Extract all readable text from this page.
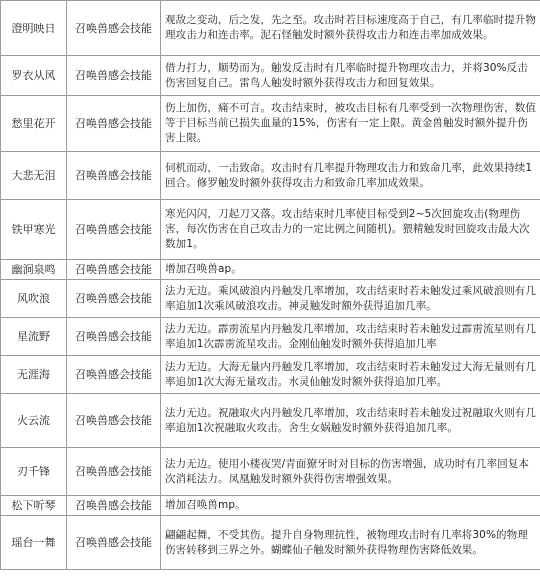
澄明映日	召唤兽感会技能	观敌之变动，后之发，先之至。攻击时若目标速度高于自己，有几率临时提升物理攻击力和连击率。泥石怪触发时额外获得攻击力和连击率加成效果。
罗衣从风	召唤兽感会技能	借力打力，顺势而为。触发反击时有几率临时提升物理攻击力，并将30%反击伤害回复自己。雷鸟人触发时额外获得攻击力和回复效果。
愁里花开	召唤兽感会技能	伤上加伤，痛不可言。攻击结束时，被攻击目标有几率受到一次物理伤害，数值等于目标当前已损失血量的15%，伤害有一定上限。黄金兽触发时额外提升伤害上限。
大悲无泪	召唤兽感会技能	伺机而动，一击致命。攻击时有几率提升物理攻击力和致命几率，此效果持续1回合。修罗触发时额外获得攻击力和致命几率加成效果。
铁甲寒光	召唤兽感会技能	寒光闪闪，刀起刀又落。攻击结束时几率使目标受到2~5次回旋攻击(物理伤害，每次伤害在自己攻击力的一定比例之间随机)。猥精触发时回旋攻击最大次数加1。
幽涧泉鸣	召唤兽感会技能	增加召唤兽ap。
风吹浪	召唤兽感会技能	法力无边。乘风破浪内丹触发几率增加，攻击结束时若未触发过乘风破浪则有几率追加1次乘风破浪攻击。神灵触发时额外获得追加几率。
星流野	召唤兽感会技能	法力无边。霹雳流星内丹触发几率增加，攻击结束时若未触发过霹雳流星则有几率追加1次霹雳流星攻击。金刚仙触发时额外获得追加几率
无涯海	召唤兽感会技能	法力无边。大海无量内丹触发几率增加，攻击结束时若未触发过大海无量则有几率追加1次大海无量攻击。水灵仙触发时额外获得追加几率。
火云流	召唤兽感会技能	法力无边。祝融取火内丹触发几率增加，攻击结束时若未触发过祝融取火则有几率追加1次祝融取火攻击。舍生女娲触发时额外获得追加几率。
刃千锋	召唤兽感会技能	法力无边。使用小楼夜哭/青面獠牙时对目标的伤害增强，成功时有几率回复本次消耗法力。凤凰触发时额外获得伤害增强效果。
松下听琴	召唤兽感会技能	增加召唤兽mp。
瑶台一舞	召唤兽感会技能	翩翩起舞，不受其伤。提升自身物理抗性，被物理攻击时有几率将30%的物理伤害转移到三界之外。蝴蝶仙子触发时额外获得物理伤害降低效果。
